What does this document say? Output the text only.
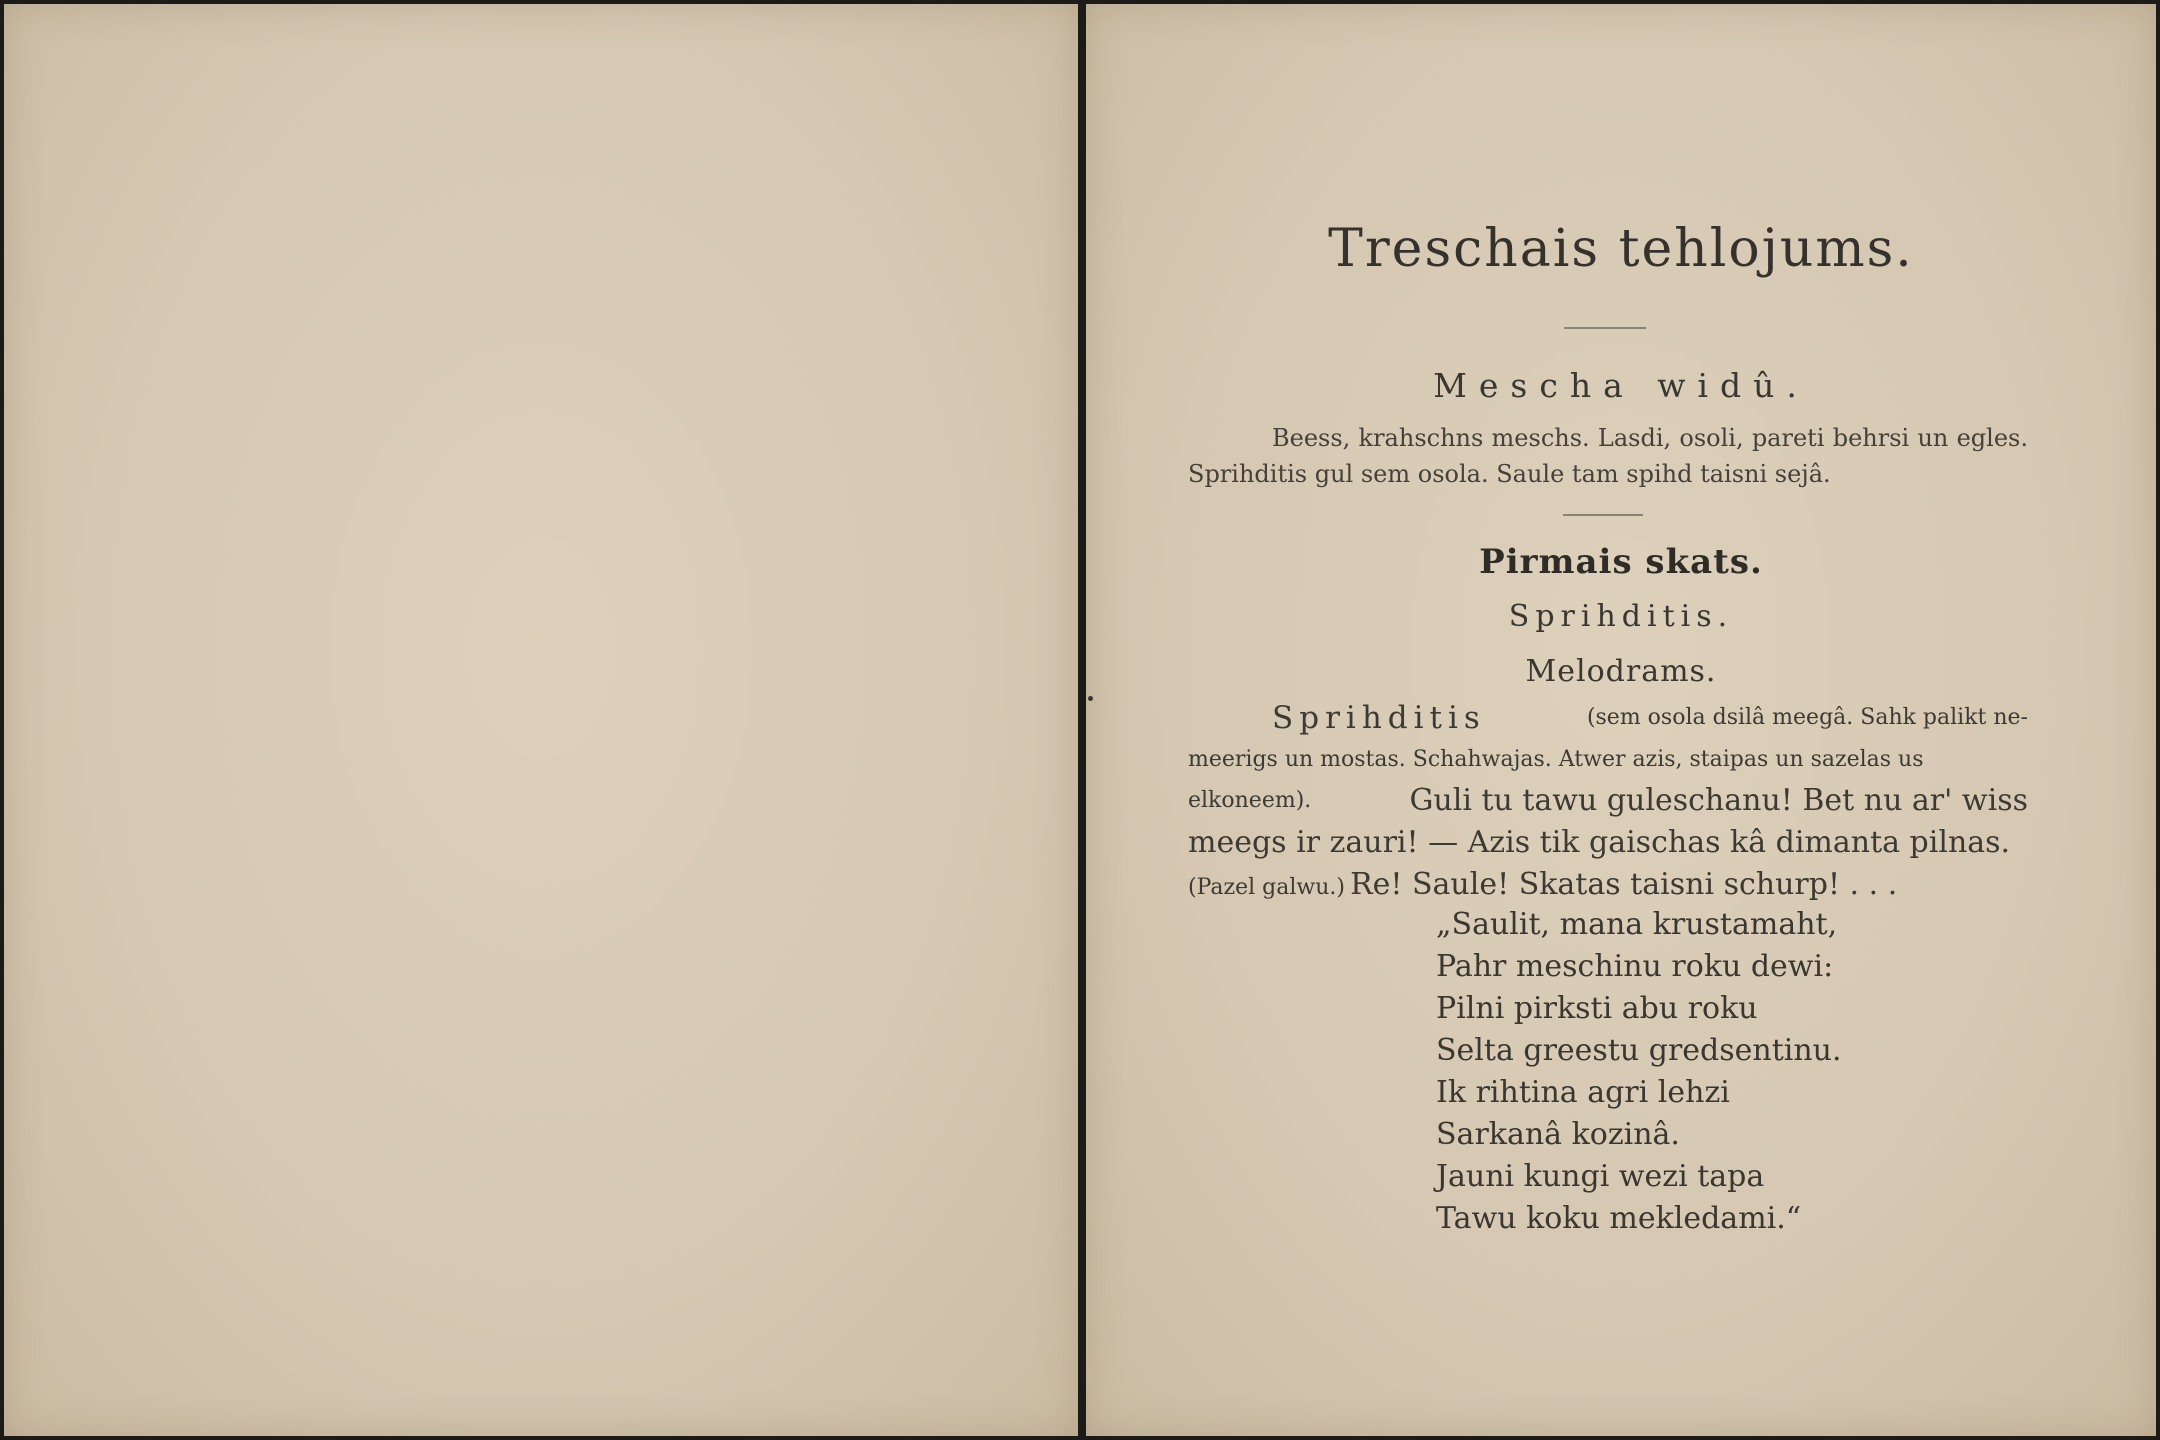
Treschais tehlojums.
Mescha widû.
Beess, krahschns meschs. Lasdi, osoli, pareti behrsi un egles. Sprihditis gul sem osola. Saule tam spihd taisni sejâ.
Pirmais skats.
Sprihditis.
Melodrams.
Sprihditis	(sem osola dsilâ meegâ. Sahk palikt ne-
meerigs un mostas. Schahwajas. Atwer azis, staipas un sazelas us
elkoneem).	Guli tu tawu guleschanu! Bet nu ar' wiss
meegs ir zauri! — Azis tik gaischas kâ dimanta pilnas.
(Pazel galwu.) Re! Saule! Skatas taisni schurp! . . .
„Saulit, mana krustamaht,
Pahr meschinu roku dewi:
Pilni pirksti abu roku
Selta greestu gredsentinu.
Ik rihtina agri lehzi
Sarkanâ kozinâ.
Jauni kungi wezi tapa
Tawu koku mekledami.“
